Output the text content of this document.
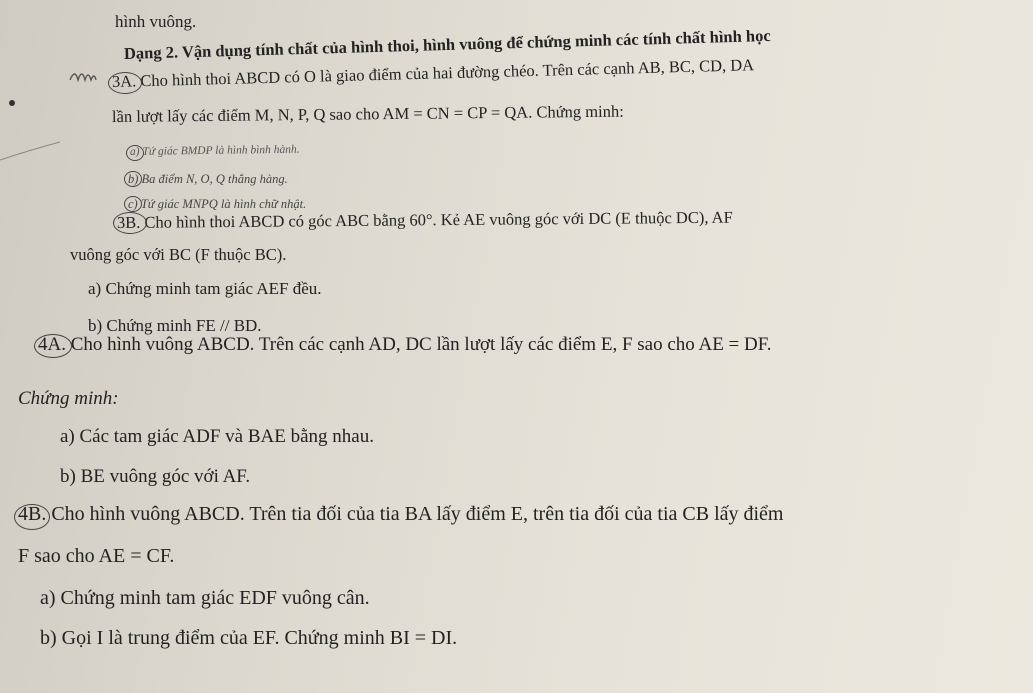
hình vuông.
Dạng 2. Vận dụng tính chất của hình thoi, hình vuông để chứng minh các tính chất hình học
3A. Cho hình thoi ABCD có O là giao điểm của hai đường chéo. Trên các cạnh AB, BC, CD, DA
lần lượt lấy các điểm M, N, P, Q sao cho AM = CN = CP = QA. Chứng minh:
a) Tứ giác BMDP là hình bình hành.
b) Ba điểm N, O, Q thẳng hàng.
c) Tứ giác MNPQ là hình chữ nhật.
3B. Cho hình thoi ABCD có góc ABC bằng 60°. Kẻ AE vuông góc với DC (E thuộc DC), AF
vuông góc với BC (F thuộc BC).
a) Chứng minh tam giác AEF đều.
b) Chứng minh FE // BD.
4A. Cho hình vuông ABCD. Trên các cạnh AD, DC lần lượt lấy các điểm E, F sao cho AE = DF.
Chứng minh:
a) Các tam giác ADF và BAE bằng nhau.
b) BE vuông góc với AF.
4B. Cho hình vuông ABCD. Trên tia đối của tia BA lấy điểm E, trên tia đối của tia CB lấy điểm
F sao cho AE = CF.
a) Chứng minh tam giác EDF vuông cân.
b) Gọi I là trung điểm của EF. Chứng minh BI = DI.
